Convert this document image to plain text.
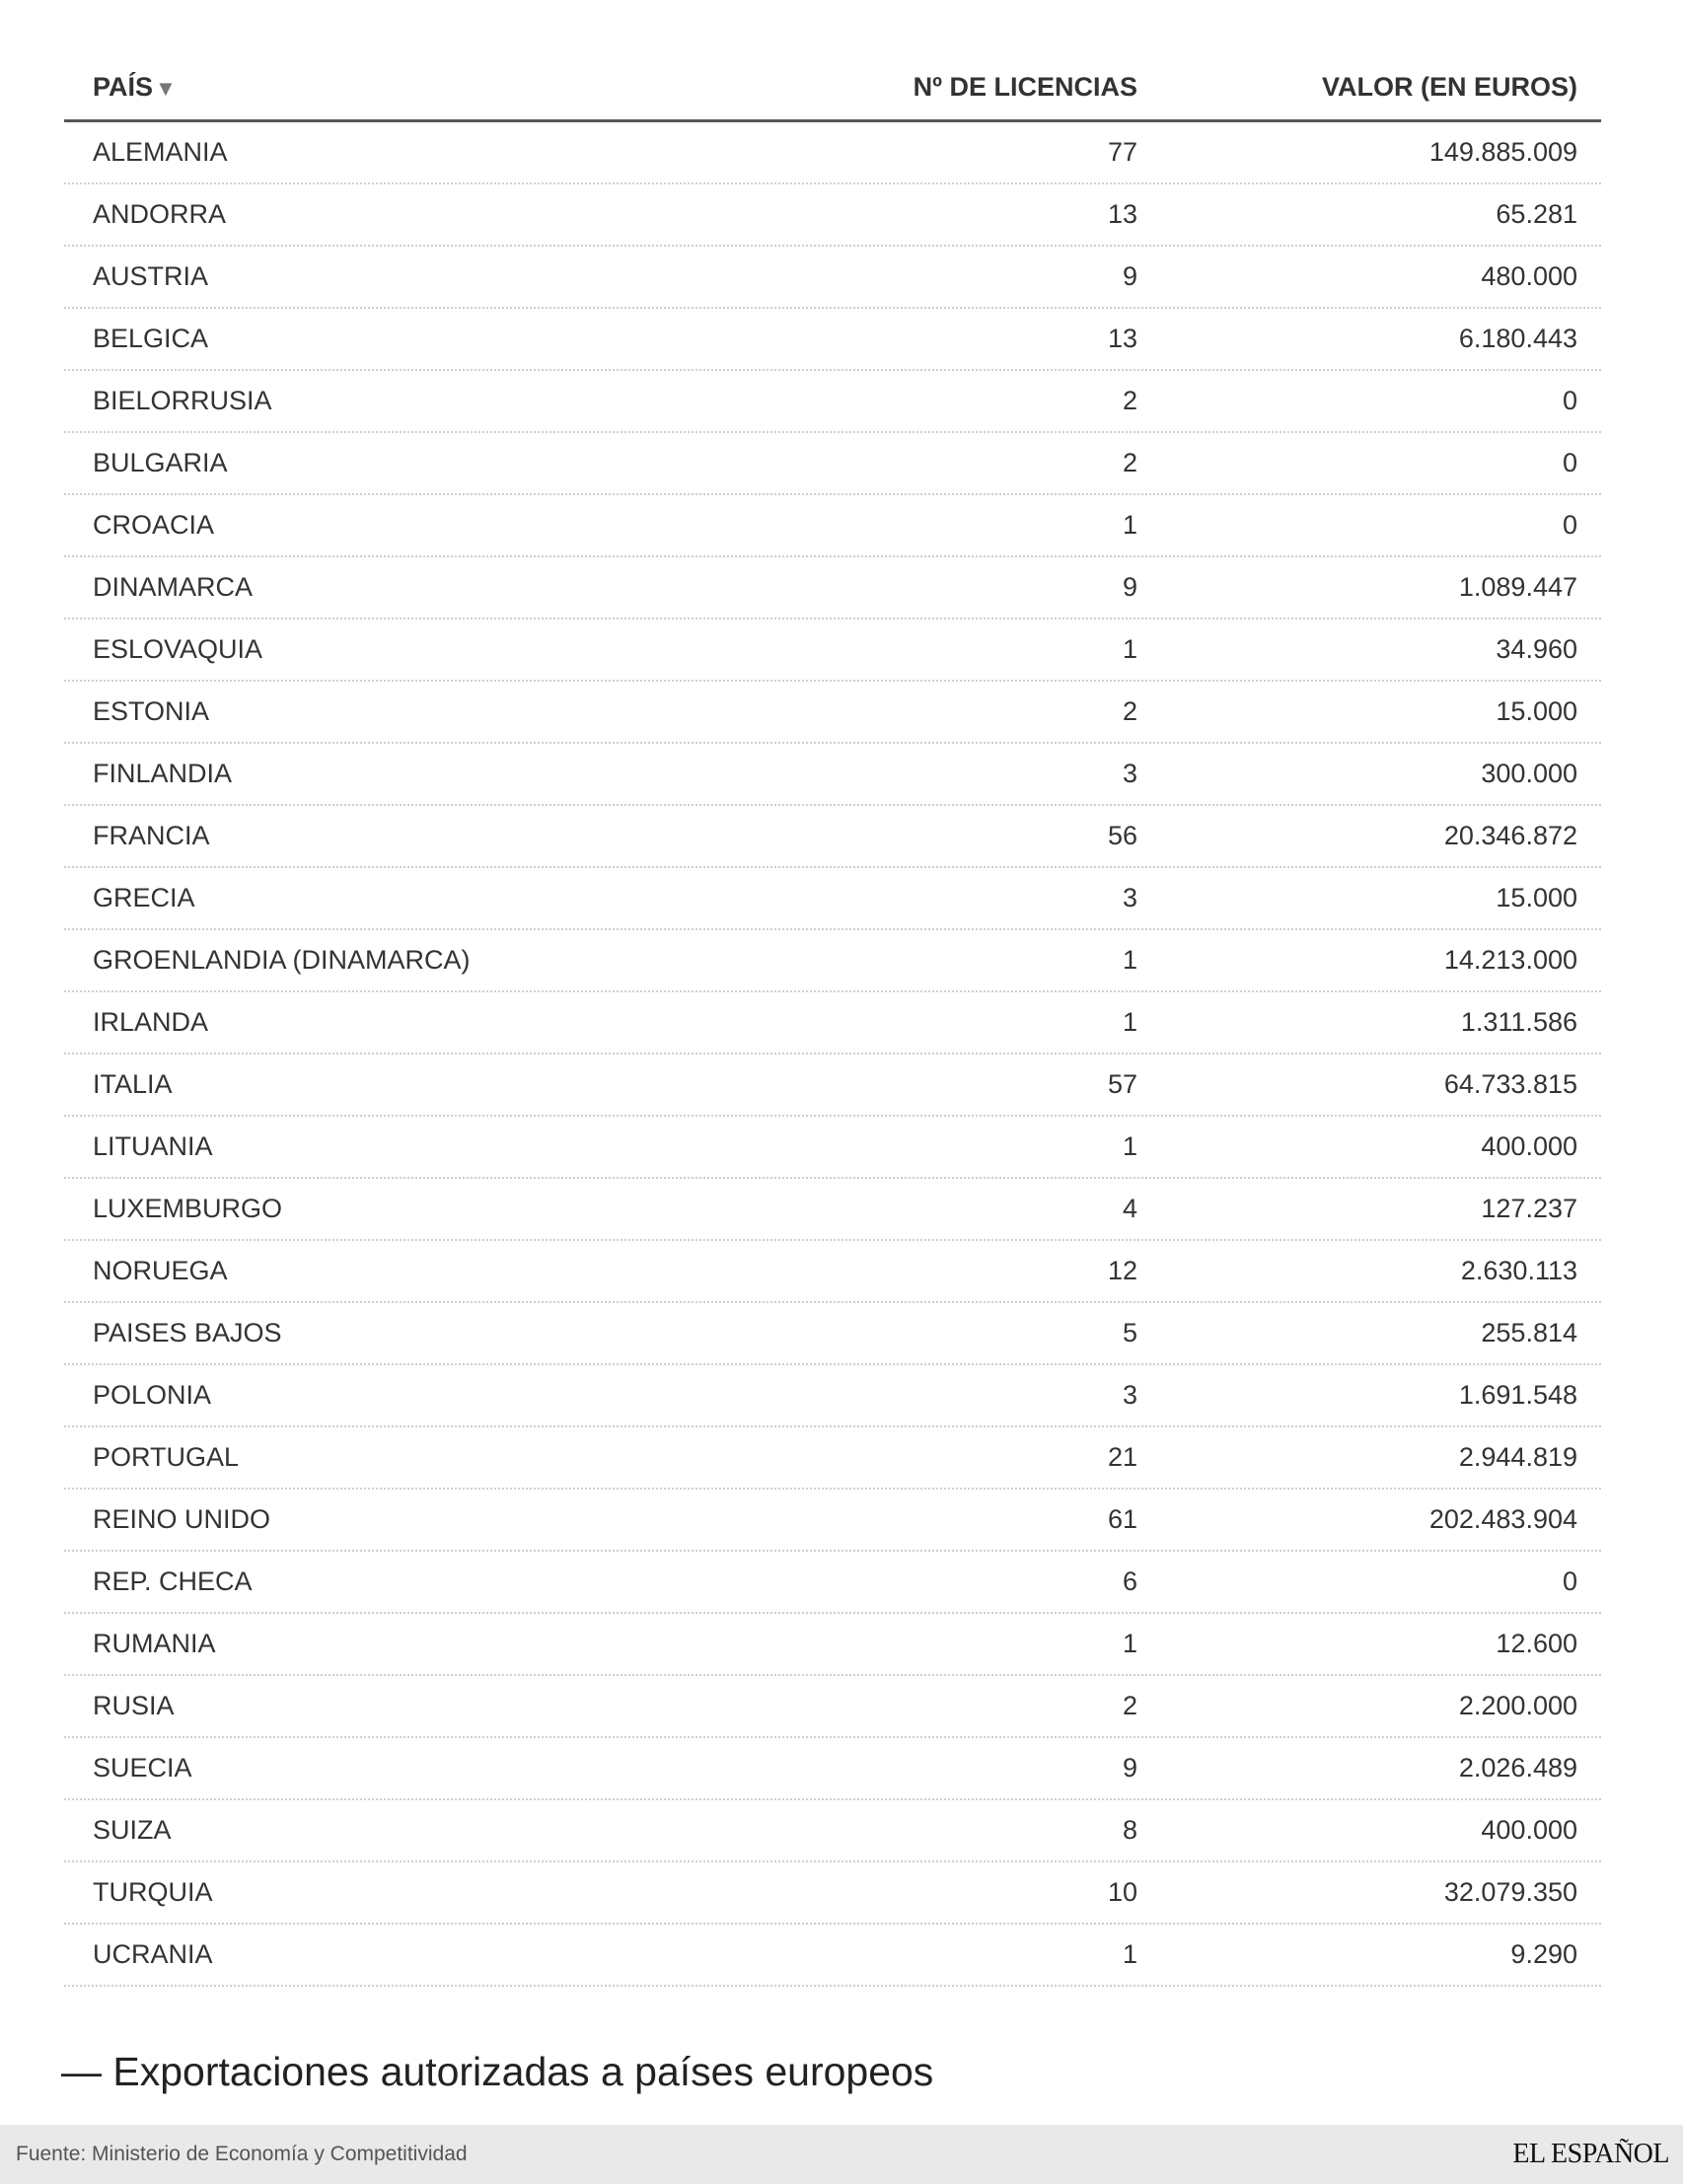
PAÍS▼	Nº DE LICENCIAS	VALOR (EN EUROS)
ALEMANIA	77	149.885.009
ANDORRA	13	65.281
AUSTRIA	9	480.000
BELGICA	13	6.180.443
BIELORRUSIA	2	0
BULGARIA	2	0
CROACIA	1	0
DINAMARCA	9	1.089.447
ESLOVAQUIA	1	34.960
ESTONIA	2	15.000
FINLANDIA	3	300.000
FRANCIA	56	20.346.872
GRECIA	3	15.000
GROENLANDIA (DINAMARCA)	1	14.213.000
IRLANDA	1	1.311.586
ITALIA	57	64.733.815
LITUANIA	1	400.000
LUXEMBURGO	4	127.237
NORUEGA	12	2.630.113
PAISES BAJOS	5	255.814
POLONIA	3	1.691.548
PORTUGAL	21	2.944.819
REINO UNIDO	61	202.483.904
REP. CHECA	6	0
RUMANIA	1	12.600
RUSIA	2	2.200.000
SUECIA	9	2.026.489
SUIZA	8	400.000
TURQUIA	10	32.079.350
UCRANIA	1	9.290
— Exportaciones autorizadas a países europeos
Fuente: Ministerio de Economía y Competitividad	EL ESPAÑOL
